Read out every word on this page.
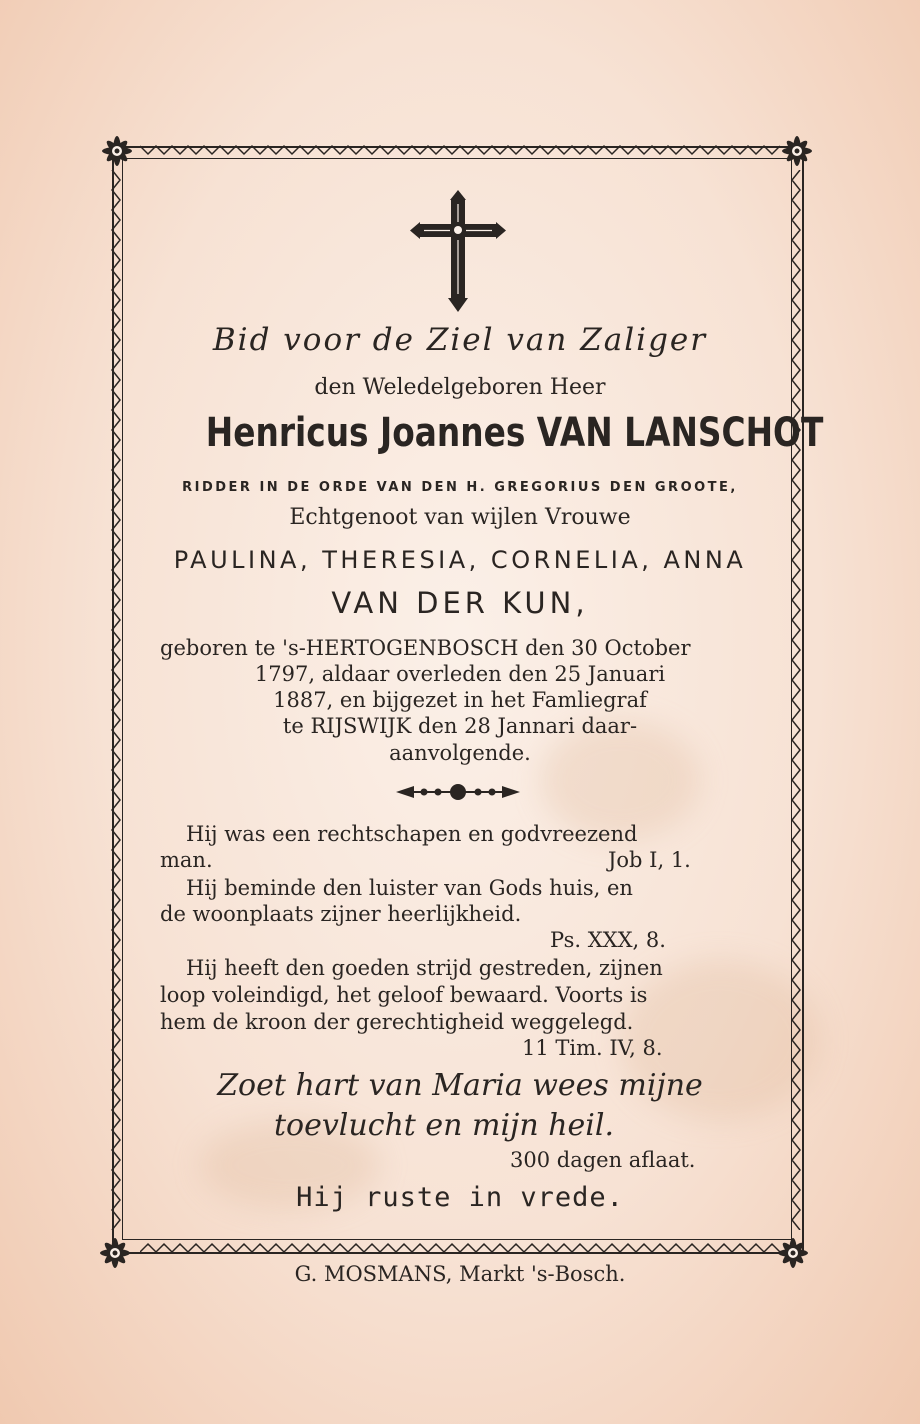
Bid voor de Ziel van Zaliger
den Weledelgeboren Heer
Henricus Joannes VAN LANSCHOT
RIDDER IN DE ORDE VAN DEN H. GREGORIUS DEN GROOTE,
Echtgenoot van wijlen Vrouwe
PAULINA, THERESIA, CORNELIA, ANNA
VAN DER KUN,
geboren te 's-HERTOGENBOSCH den 30 October
1797, aldaar overleden den 25 Januari
1887, en bijgezet in het Famliegraf
te RIJSWIJK den 28 Jannari daar-
aanvolgende.
Hij was een rechtschapen en godvreezend
man.	Job I, 1.
Hij beminde den luister van Gods huis, en
de woonplaats zijner heerlijkheid.
Ps. XXX, 8.
Hij heeft den goeden strijd gestreden, zijnen
loop voleindigd, het geloof bewaard. Voorts is
hem de kroon der gerechtigheid weggelegd.
11 Tim. IV, 8.
Zoet hart van Maria wees mijne
toevlucht en mijn heil.
300 dagen aflaat.
Hij ruste in vrede.
G. MOSMANS, Markt 's-Bosch.
